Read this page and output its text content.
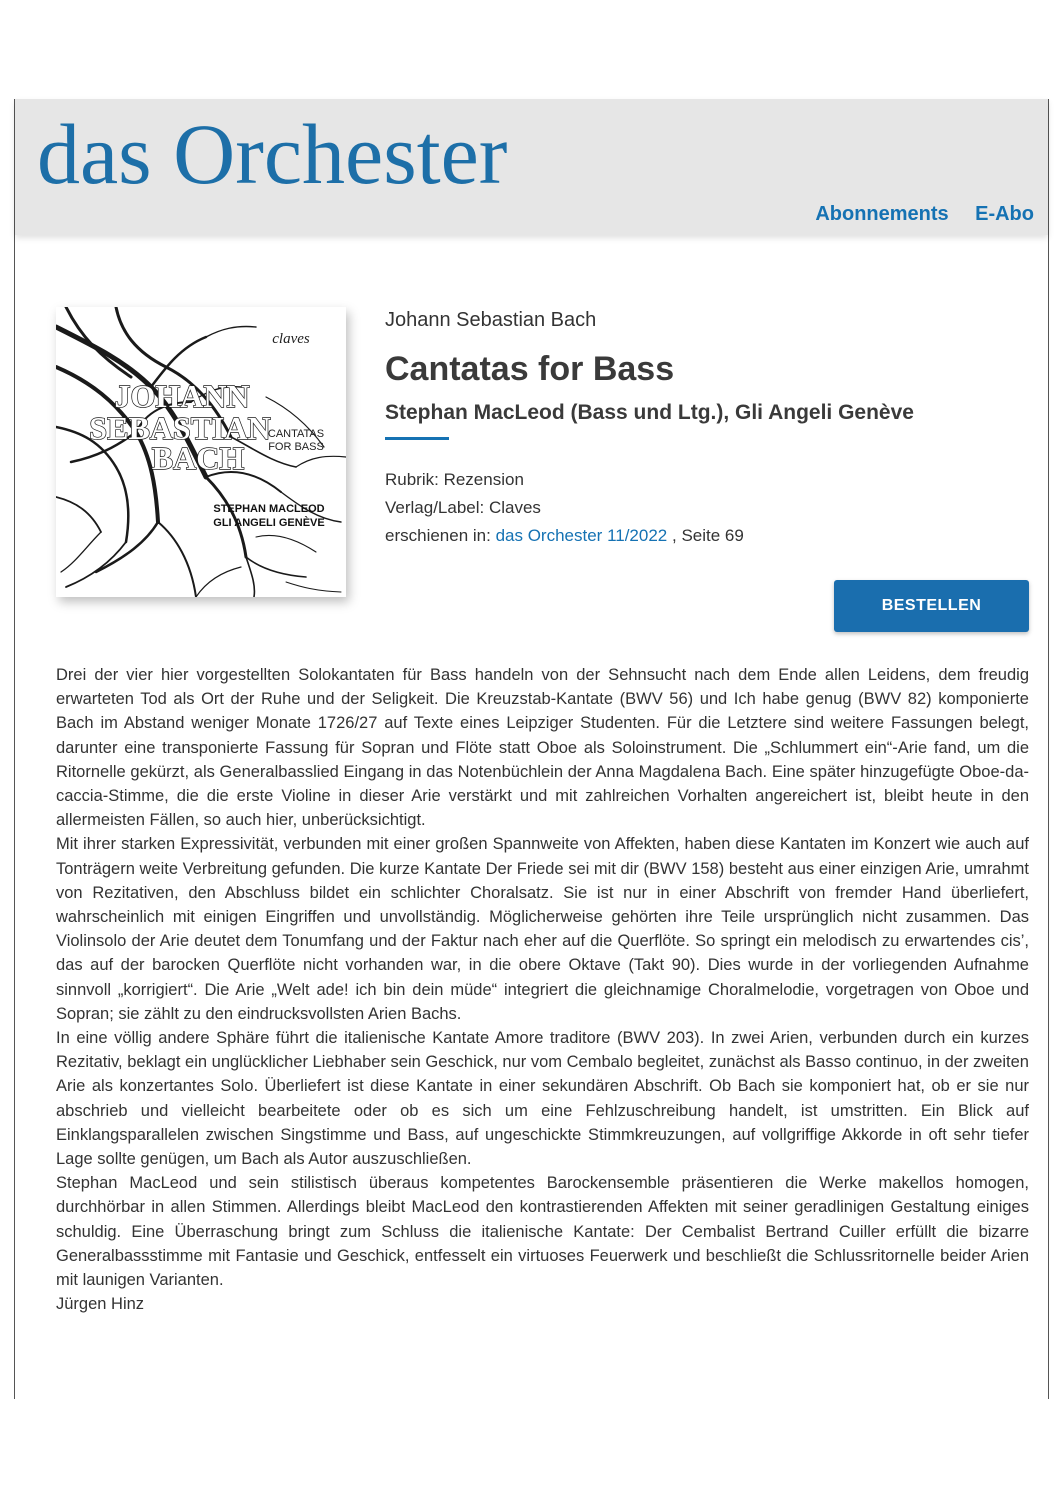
das Orchester
Abonnements E-Abo
claves
JOHANN
SEBASTIAN
BACH
CANTATAS
FOR BASS
STEPHAN MACLEOD
GLI ANGELI GENÈVE

Johann Sebastian Bach

Cantatas for Bass
Stephan MacLeod (Bass und Ltg.), Gli Angeli Genève
Rubrik: Rezension
Verlag/Label: Claves
erschienen in: das Orchester 11/2022 , Seite 69
BESTELLEN

Drei der vier hier vorgestellten Solokantaten für Bass handeln von der Sehnsucht nach dem Ende allen Leidens, dem freudig erwarteten Tod als Ort der Ruhe und der Seligkeit. Die Kreuzstab-Kantate (BWV 56) und Ich habe genug (BWV 82) komponierte Bach im Abstand weniger Monate 1726/27 auf Texte eines Leipziger Studenten. Für die Letztere sind weitere Fassungen belegt, darunter eine transponierte Fassung für Sopran und Flöte statt Oboe als Soloinstrument. Die „Schlummert ein“-Arie fand, um die Ritornelle gekürzt, als Generalbasslied Eingang in das Notenbüchlein der Anna Magdalena Bach. Eine später hinzugefügte Oboe-da-caccia-Stimme, die die erste Violine in dieser Arie verstärkt und mit zahlreichen Vorhalten angereichert ist, bleibt heute in den allermeisten Fällen, so auch hier, unberücksichtigt.

Mit ihrer starken Expressivität, verbunden mit einer großen Spannweite von Affekten, haben diese Kantaten im Konzert wie auch auf Tonträgern weite Verbreitung gefunden. Die kurze Kantate Der Friede sei mit dir (BWV 158) besteht aus einer einzigen Arie, umrahmt von Rezitativen, den Abschluss bildet ein schlichter Choralsatz. Sie ist nur in einer Abschrift von fremder Hand überliefert, wahrscheinlich mit einigen Eingriffen und unvollständig. Möglicherweise gehörten ihre Teile ursprünglich nicht zusammen. Das Violinsolo der Arie deutet dem Tonumfang und der Faktur nach eher auf die Querflöte. So springt ein melodisch zu erwartendes cis’, das auf der barocken Querflöte nicht vorhanden war, in die obere Oktave (Takt 90). Dies wurde in der vorliegenden Aufnahme sinnvoll „korrigiert“. Die Arie „Welt ade! ich bin dein müde“ integriert die gleichnamige Choralmelodie, vorgetragen von Oboe und Sopran; sie zählt zu den eindrucksvollsten Arien Bachs.

In eine völlig andere Sphäre führt die italienische Kantate Amore traditore (BWV 203). In zwei Arien, verbunden durch ein kurzes Rezitativ, beklagt ein unglücklicher Liebhaber sein Geschick, nur vom Cembalo begleitet, zunächst als Basso continuo, in der zweiten Arie als konzertantes Solo. Überliefert ist diese Kantate in einer sekundären Abschrift. Ob Bach sie komponiert hat, ob er sie nur abschrieb und vielleicht bearbeitete oder ob es sich um eine Fehlzuschreibung handelt, ist umstritten. Ein Blick auf Einklangsparallelen zwischen Singstimme und Bass, auf ungeschickte Stimmkreuzungen, auf vollgriffige Akkorde in oft sehr tiefer Lage sollte genügen, um Bach als Autor auszuschließen.

Stephan MacLeod und sein stilistisch überaus kompetentes Barockensemble präsentieren die Werke makellos homogen, durchhörbar in allen Stimmen. Allerdings bleibt MacLeod den kontrastierenden Affekten mit seiner geradlinigen Gestaltung einiges schuldig. Eine Überraschung bringt zum Schluss die italienische Kantate: Der Cembalist Bertrand Cuiller erfüllt die bizarre Generalbassstimme mit Fantasie und Geschick, entfesselt ein virtuoses Feuerwerk und beschließt die Schlussritornelle beider Arien mit launigen Varianten.

Jürgen Hinz
